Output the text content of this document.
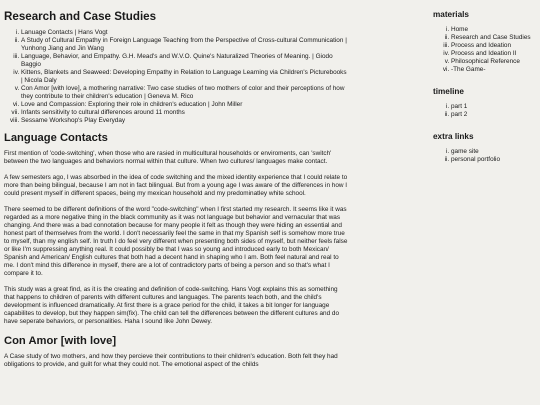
Research and Case Studies
i. Lanuage Contacts | Hans Vogt
ii. A Study of Cultural Empathy in Foreign Language Teaching from the Perspective of Cross-cultural Communication | Yunhong Jiang and Jin Wang
iii. Language, Behavior, and Empathy. G.H. Mead's and W.V.O. Quine's Naturalized Theories of Meaning. | Giodo Baggio
iv. Kittens, Blankets and Seaweed: Developing Empathy in Relation to Language Learning via Children's Picturebooks | Nicola Daly
v. Con Amor [with love], a mothering narrative: Two case studies of two mothers of color and their perceptions of how they contribute to their children's education | Geneva M. Rico
vi. Love and Compassion: Exploring their role in children's education | John Miller
vii. Infants sensitivity to cultural differences around 11 months
viii. Sessame Workshop's Play Everyday
Language Contacts

First mention of 'code-switching', when those who are rasied in multicultural households or enviroments, can 'switch' between the two languages and behaviors normal within that culture. When two cultures/ languages make contact.

A few semesters ago, I was absorbed in the idea of code switching and the mixed identity experience that I could relate to more than being bilingual, because I am not in fact bilingual. But from a young age I was aware of the differences in how I could present myself in different spaces, being my mexican household and my predominatley white school.

There seemed to be different definitions of the word "code-switching" when I first started my research. It seems like it was regarded as a more negative thing in the black community as it was not language but behavior and vernacular that was changing. And there was a bad connotation because for many people it felt as though they were hiding an essential and honest part of themselves from the world. I don't necessarily feel the same in that my Spanish self is somehow more true to myself, than my english self. In truth I do feel very different when presenting both sides of myself, but neither feels false or like I'm suppressing anything real. It could possibly be that I was so young and introduced early to both Mexican/ Spanish and American/ English cultures that both had a decent hand in shaping who I am. Both feel natural and real to me. I don't mind this difference in myself, there are a lot of contradictory parts of being a person and so that's what I compare it to.

This study was a great find, as it is the creating and definition of code-switching. Hans Vogt explains this as something that happens to children of parents with different cultures and languages. The parents teach both, and the child's development is influenced dramatically. At first there is a grace period for the child, it takes a bit longer for language capabilites to develop, but they happen sim(fix). The child can tell the differences between the different cultures and do have seperate behaviors, or personalities. Haha I sound like John Dewey.

Con Amor [with love]

A Case study of two mothers, and how they percieve their contributions to their children's education. Both felt they had obligations to provide, and guilt for what they could not. The emotional aspect of the childs

materials
i. Home
ii. Research and Case Studies
iii. Process and Ideation
iv. Process and Ideation II
v. Philosophical Reference
vi. -The Game-
timeline
i. part 1
ii. part 2
extra links
i. game site
ii. personal portfolio
